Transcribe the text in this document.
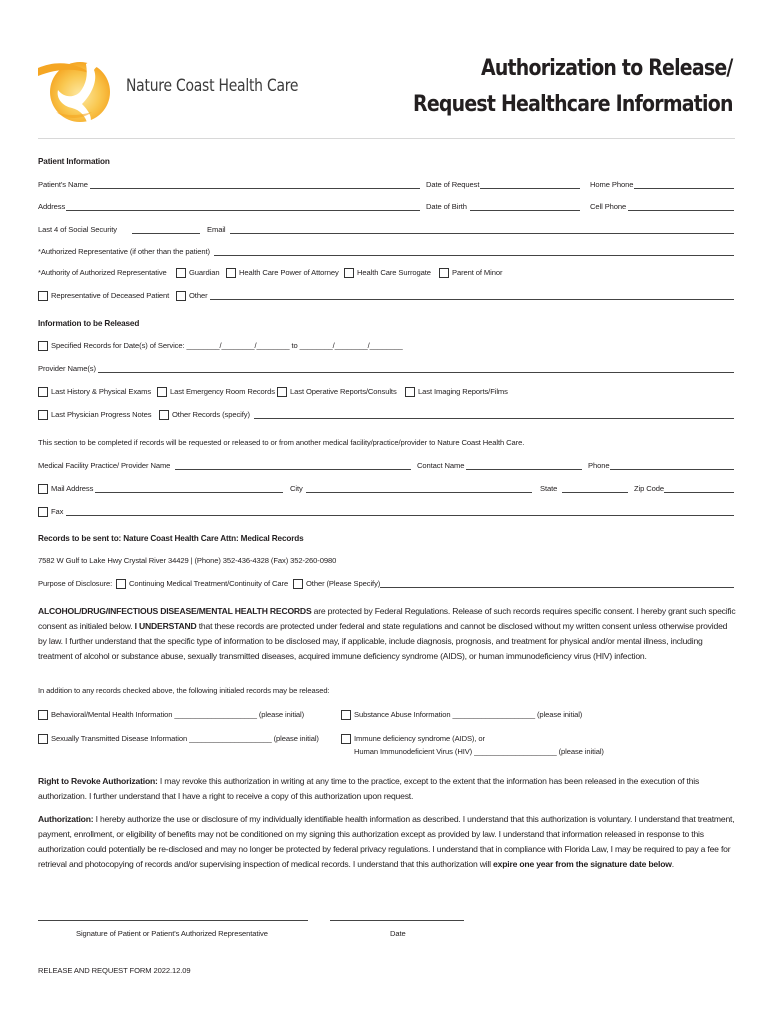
Nature Coast Health Care
Authorization to Release/
Request Healthcare Information
Patient Information
Patient's Name	Date of Request	Home Phone
Address	Date of Birth	Cell Phone
Last 4 of Social Security	Email
*Authorized Representative (if other than the patient)
*Authority of Authorized Representative	Guardian	Health Care Power of Attorney Health Care Surrogate	Parent of Minor
Representative of Deceased Patient	Other
Information to be Released
Specified Records for Date(s) of Service: ________/________/________ to ________/________/________
Provider Name(s)
Last History & Physical Exams Last Emergency Room Records Last Operative Reports/Consults	Last Imaging Reports/Films
Last Physician Progress Notes	Other Records (specify)
This section to be completed if records will be requested or released to or from another medical facility/practice/provider to Nature Coast Health Care.
Medical Facility Practice/ Provider Name	Contact Name	Phone
Mail Address	City	State	Zip Code
Fax
Records to be sent to: Nature Coast Health Care Attn: Medical Records
7582 W Gulf to Lake Hwy Crystal River 34429 | (Phone) 352-436-4328 (Fax) 352-260-0980
Purpose of Disclosure: Continuing Medical Treatment/Continuity of Care Other (Please Specify)
ALCOHOL/DRUG/INFECTIOUS DISEASE/MENTAL HEALTH RECORDS are protected by Federal Regulations. Release of such records requires specific consent. I hereby grant such specific consent as initialed below. I UNDERSTAND that these records are protected under federal and state regulations and cannot be disclosed without my written consent unless otherwise provided by law. I further understand that the specific type of information to be disclosed may, if applicable, include diagnosis, prognosis, and treatment for physical and/or mental illness, including treatment of alcohol or substance abuse, sexually transmitted diseases, acquired immune deficiency syndrome (AIDS), or human immunodeficiency virus (HIV) infection.
In addition to any records checked above, the following initialed records may be released:
Behavioral/Mental Health Information ____________________ (please initial)	Substance Abuse Information ____________________ (please initial)
Sexually Transmitted Disease Information ____________________ (please initial)	Immune deficiency syndrome (AIDS), or
Human Immunodeficient Virus (HIV) ____________________ (please initial)
Right to Revoke Authorization: I may revoke this authorization in writing at any time to the practice, except to the extent that the information has been released in the execution of this authorization. I further understand that I have a right to receive a copy of this authorization upon request.
Authorization: I hereby authorize the use or disclosure of my individually identifiable health information as described. I understand that this authorization is voluntary. I understand that treatment, payment, enrollment, or eligibility of benefits may not be conditioned on my signing this authorization except as provided by law. I understand that information released in response to this authorization could potentially be re-disclosed and may no longer be protected by federal privacy regulations. I understand that in compliance with Florida Law, I may be required to pay a fee for retrieval and photocopying of records and/or supervising inspection of medical records. I understand that this authorization will expire one year from the signature date below.
Signature of Patient or Patient's Authorized Representative	Date
RELEASE AND REQUEST FORM 2022.12.09
